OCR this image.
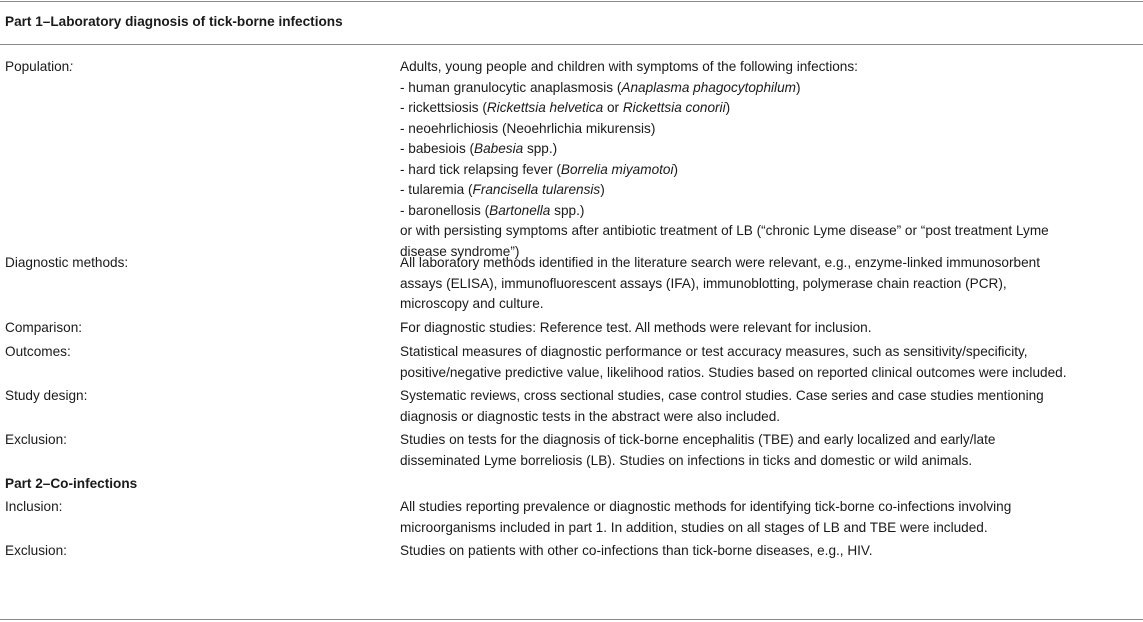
Part 1–Laboratory diagnosis of tick-borne infections
Population:	Adults, young people and children with symptoms of the following infections:
- human granulocytic anaplasmosis (Anaplasma phagocytophilum)
- rickettsiosis (Rickettsia helvetica or Rickettsia conorii)
- neoehrlichiosis (Neoehrlichia mikurensis)
- babesiois (Babesia spp.)
- hard tick relapsing fever (Borrelia miyamotoi)
- tularemia (Francisella tularensis)
- baronellosis (Bartonella spp.)
or with persisting symptoms after antibiotic treatment of LB (“chronic Lyme disease” or “post treatment Lyme
disease syndrome”)
Diagnostic methods:	All laboratory methods identified in the literature search were relevant, e.g., enzyme-linked immunosorbent
assays (ELISA), immunofluorescent assays (IFA), immunoblotting, polymerase chain reaction (PCR),
microscopy and culture.
Comparison:	For diagnostic studies: Reference test. All methods were relevant for inclusion.
Outcomes:	Statistical measures of diagnostic performance or test accuracy measures, such as sensitivity/specificity,
positive/negative predictive value, likelihood ratios. Studies based on reported clinical outcomes were included.
Study design:	Systematic reviews, cross sectional studies, case control studies. Case series and case studies mentioning
diagnosis or diagnostic tests in the abstract were also included.
Exclusion:	Studies on tests for the diagnosis of tick-borne encephalitis (TBE) and early localized and early/late
disseminated Lyme borreliosis (LB). Studies on infections in ticks and domestic or wild animals.
Part 2–Co-infections
Inclusion:	All studies reporting prevalence or diagnostic methods for identifying tick-borne co-infections involving
microorganisms included in part 1. In addition, studies on all stages of LB and TBE were included.
Exclusion:	Studies on patients with other co-infections than tick-borne diseases, e.g., HIV.
